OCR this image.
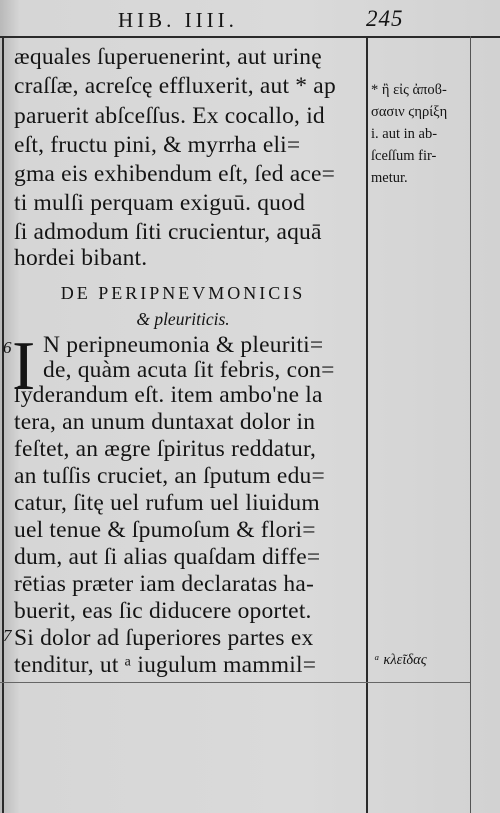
HIB. IIII.	245
æquales ſuperuenerint, aut urinę
craſſæ, acreſcę effluxerit, aut * ap
paruerit abſceſſus. Ex cocallo, id
eſt, fructu pini, & myrrha eli=
gma eis exhibendum eſt, ſed ace=
ti mulſi perquam exiguū. quod
ſi admodum ſiti crucientur, aquā
hordei bibant.
* ἢ εἰς ἀποϐ-
σασιν ϛηρίξη
i. aut in ab-
ſceſſum fir-
metur.
DE PERIPNEVMONICIS
& pleuriticis.
6
7
I N peripneumonia & pleuriti=
de, quàm acuta ſit febris, con=
ſyderandum eſt. item ambo'ne la
tera, an unum duntaxat dolor in
feſtet, an ægre ſpiritus reddatur,
an tuſſis cruciet, an ſputum edu=
catur, ſitę uel rufum uel liuidum
uel tenue & ſpumoſum & flori=
dum, aut ſi alias quaſdam diffe=
rētias præter iam declaratas ha-
buerit, eas ſic diducere oportet.
Si dolor ad ſuperiores partes ex
tenditur, ut ᵃ iugulum mammil=	ᵃ κλεῖδας
